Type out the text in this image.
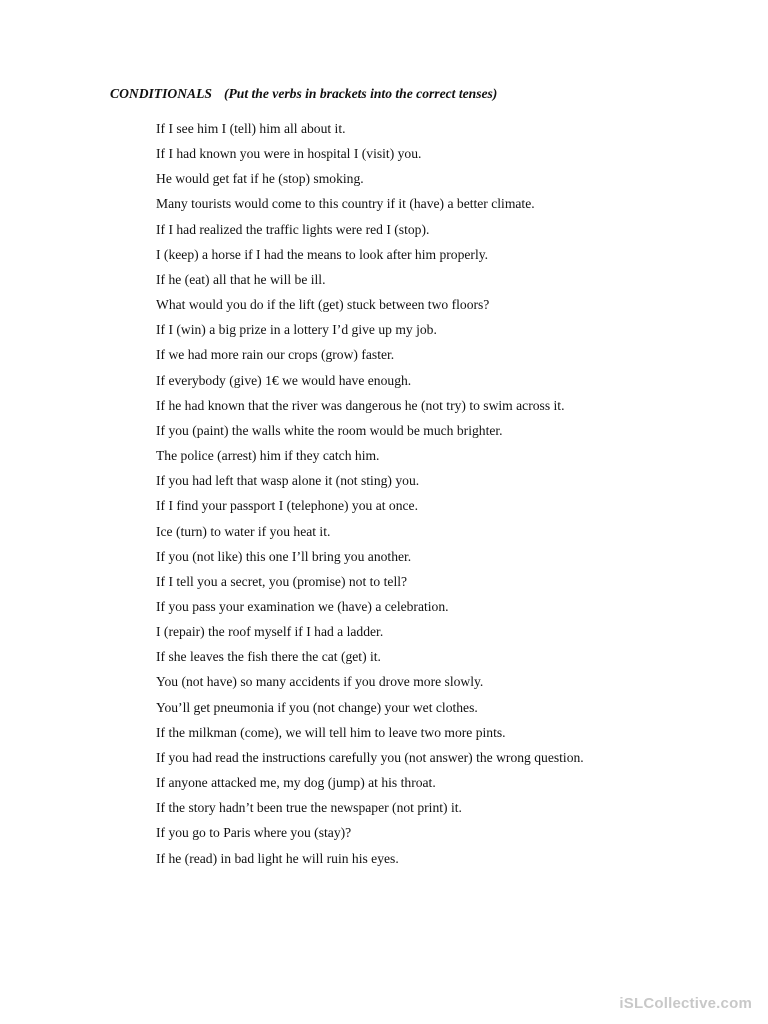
CONDITIONALS (Put the verbs in brackets into the correct tenses)
If I see him I (tell) him all about it.
If I had known you were in hospital I (visit) you.
He would get fat if he (stop) smoking.
Many tourists would come to this country if it (have) a better climate.
If I had realized the traffic lights were red I (stop).
I (keep) a horse if I had the means to look after him properly.
If he (eat) all that he will be ill.
What would you do if the lift (get) stuck between two floors?
If I (win) a big prize in a lottery I’d give up my job.
If we had more rain our crops (grow) faster.
If everybody (give) 1€ we would have enough.
If he had known that the river was dangerous he (not try) to swim across it.
If you (paint) the walls white the room would be much brighter.
The police (arrest) him if they catch him.
If you had left that wasp alone it (not sting) you.
If I find your passport I (telephone) you at once.
Ice (turn) to water if you heat it.
If you (not like) this one I’ll bring you another.
If I tell you a secret, you (promise) not to tell?
If you pass your examination we (have) a celebration.
I (repair) the roof myself if I had a ladder.
If she leaves the fish there the cat (get) it.
You (not have) so many accidents if you drove more slowly.
You’ll get pneumonia if you (not change) your wet clothes.
If the milkman (come), we will tell him to leave two more pints.
If you had read the instructions carefully you (not answer) the wrong question.
If anyone attacked me, my dog (jump) at his throat.
If the story hadn’t been true the newspaper (not print) it.
If you go to Paris where you (stay)?
If he (read) in bad light he will ruin his eyes.
iSLCollective.com
